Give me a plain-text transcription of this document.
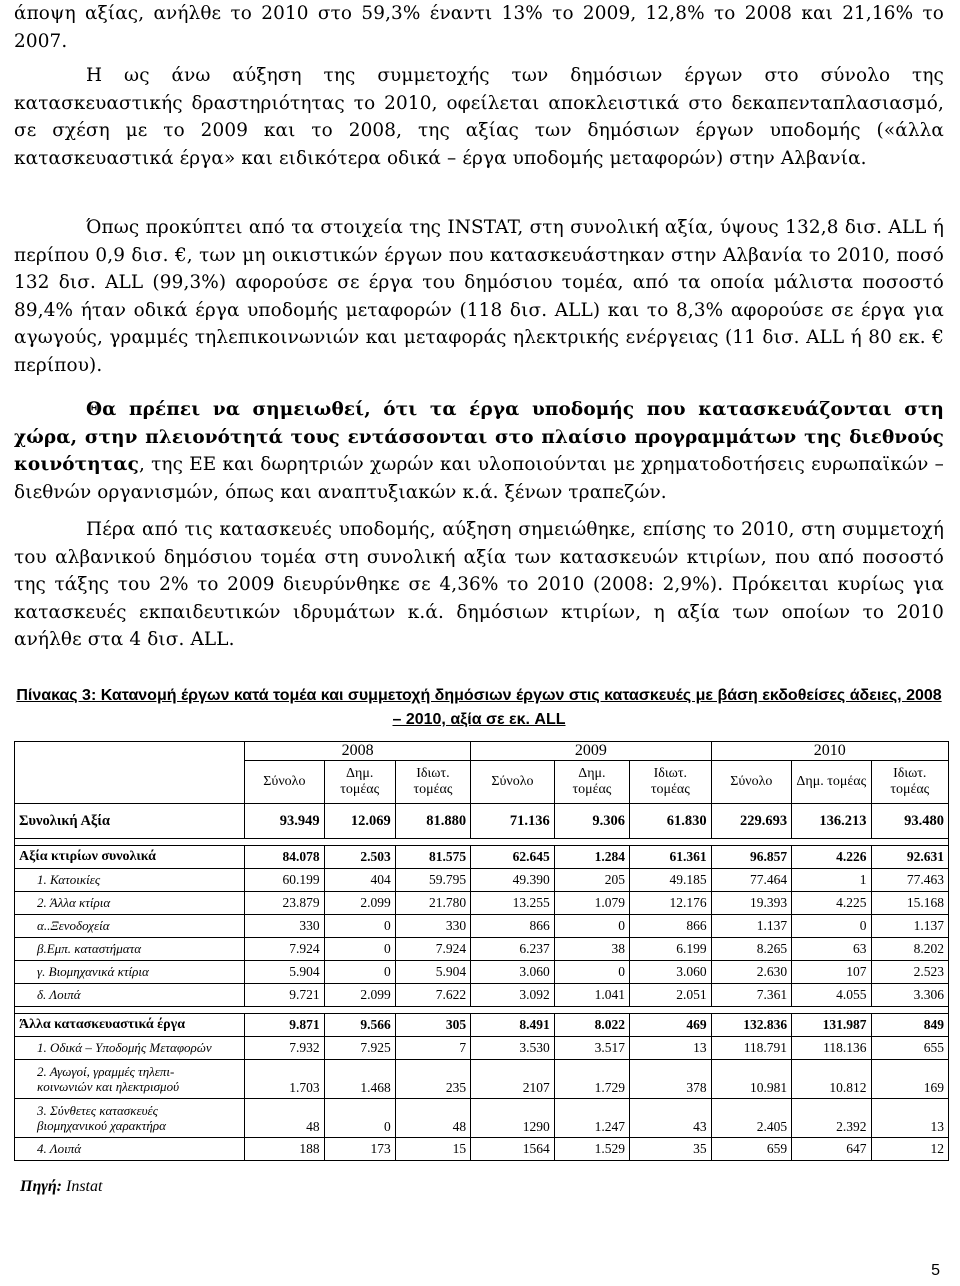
άποψη αξίας, ανήλθε το 2010 στο 59,3% έναντι 13% το 2009, 12,8% το 2008 και 21,16% το 2007.

Η ως άνω αύξηση της συμμετοχής των δημόσιων έργων στο σύνολο της κατασκευαστικής δραστηριότητας το 2010, οφείλεται αποκλειστικά στο δεκαπενταπλασιασμό, σε σχέση με το 2009 και το 2008, της αξίας των δημόσιων έργων υποδομής («άλλα κατασκευαστικά έργα» και ειδικότερα οδικά – έργα υποδομής μεταφορών) στην Αλβανία.

Όπως προκύπτει από τα στοιχεία της INSTAT, στη συνολική αξία, ύψους 132,8 δισ. ALL ή περίπου 0,9 δισ. €, των μη οικιστικών έργων που κατασκευάστηκαν στην Αλβανία το 2010, ποσό 132 δισ. ALL (99,3%) αφορούσε σε έργα του δημόσιου τομέα, από τα οποία μάλιστα ποσοστό 89,4% ήταν οδικά έργα υποδομής μεταφορών (118 δισ. ALL) και το 8,3% αφορούσε σε έργα για αγωγούς, γραμμές τηλεπικοινωνιών και μεταφοράς ηλεκτρικής ενέργειας (11 δισ. ALL ή 80 εκ. € περίπου).

Θα πρέπει να σημειωθεί, ότι τα έργα υποδομής που κατασκευάζονται στη χώρα, στην πλειονότητά τους εντάσσονται στο πλαίσιο προγραμμάτων της διεθνούς κοινότητας, της ΕΕ και δωρητριών χωρών και υλοποιούνται με χρηματοδοτήσεις ευρωπαϊκών – διεθνών οργανισμών, όπως και αναπτυξιακών κ.ά. ξένων τραπεζών.

Πέρα από τις κατασκευές υποδομής, αύξηση σημειώθηκε, επίσης το 2010, στη συμμετοχή του αλβανικού δημόσιου τομέα στη συνολική αξία των κατασκευών κτιρίων, που από ποσοστό της τάξης του 2% το 2009 διευρύνθηκε σε 4,36% το 2010 (2008: 2,9%). Πρόκειται κυρίως για κατασκευές εκπαιδευτικών ιδρυμάτων κ.ά. δημόσιων κτιρίων, η αξία των οποίων το 2010 ανήλθε στα 4 δισ. ALL.

Πίνακας 3: Κατανομή έργων κατά τομέα και συμμετοχή δημόσιων έργων στις κατασκευές με βάση εκδοθείσες άδειες, 2008 – 2010, αξία σε εκ. ALL
	2008			2009			2010		
	Σύνολο	Δημ. τομέας	Ιδιωτ. τομέας	Σύνολο	Δημ. τομέας	Ιδιωτ. τομέας	Σύνολο	Δημ. τομέας	Ιδιωτ. τομέας
Συνολική Αξία	93.949	12.069	81.880	71.136	9.306	61.830	229.693	136.213	93.480

Αξία κτιρίων συνολικά	84.078	2.503	81.575	62.645	1.284	61.361	96.857	4.226	92.631
1. Κατοικίες	60.199	404	59.795	49.390	205	49.185	77.464	1	77.463
2. Άλλα κτίρια	23.879	2.099	21.780	13.255	1.079	12.176	19.393	4.225	15.168
α..Ξενοδοχεία	330	0	330	866	0	866	1.137	0	1.137
β.Εμπ. καταστήματα	7.924	0	7.924	6.237	38	6.199	8.265	63	8.202
γ. Βιομηχανικά κτίρια	5.904	0	5.904	3.060	0	3.060	2.630	107	2.523
δ. Λοιπά	9.721	2.099	7.622	3.092	1.041	2.051	7.361	4.055	3.306

Άλλα κατασκευαστικά έργα	9.871	9.566	305	8.491	8.022	469	132.836	131.987	849
1. Οδικά – Υποδομής Μεταφορών	7.932	7.925	7	3.530	3.517	13	118.791	118.136	655

2. Αγωγοί, γραμμές τηλεπι-
κοινωνιών και ηλεκτρισμού	1.703	1.468	235	2107	1.729	378	10.981	10.812	169

3. Σύνθετες κατασκευές
βιομηχανικού χαρακτήρα	48	0	48	1290	1.247	43	2.405	2.392	13
4. Λοιπά	188	173	15	1564	1.529	35	659	647	12
Πηγή: Instat
5
